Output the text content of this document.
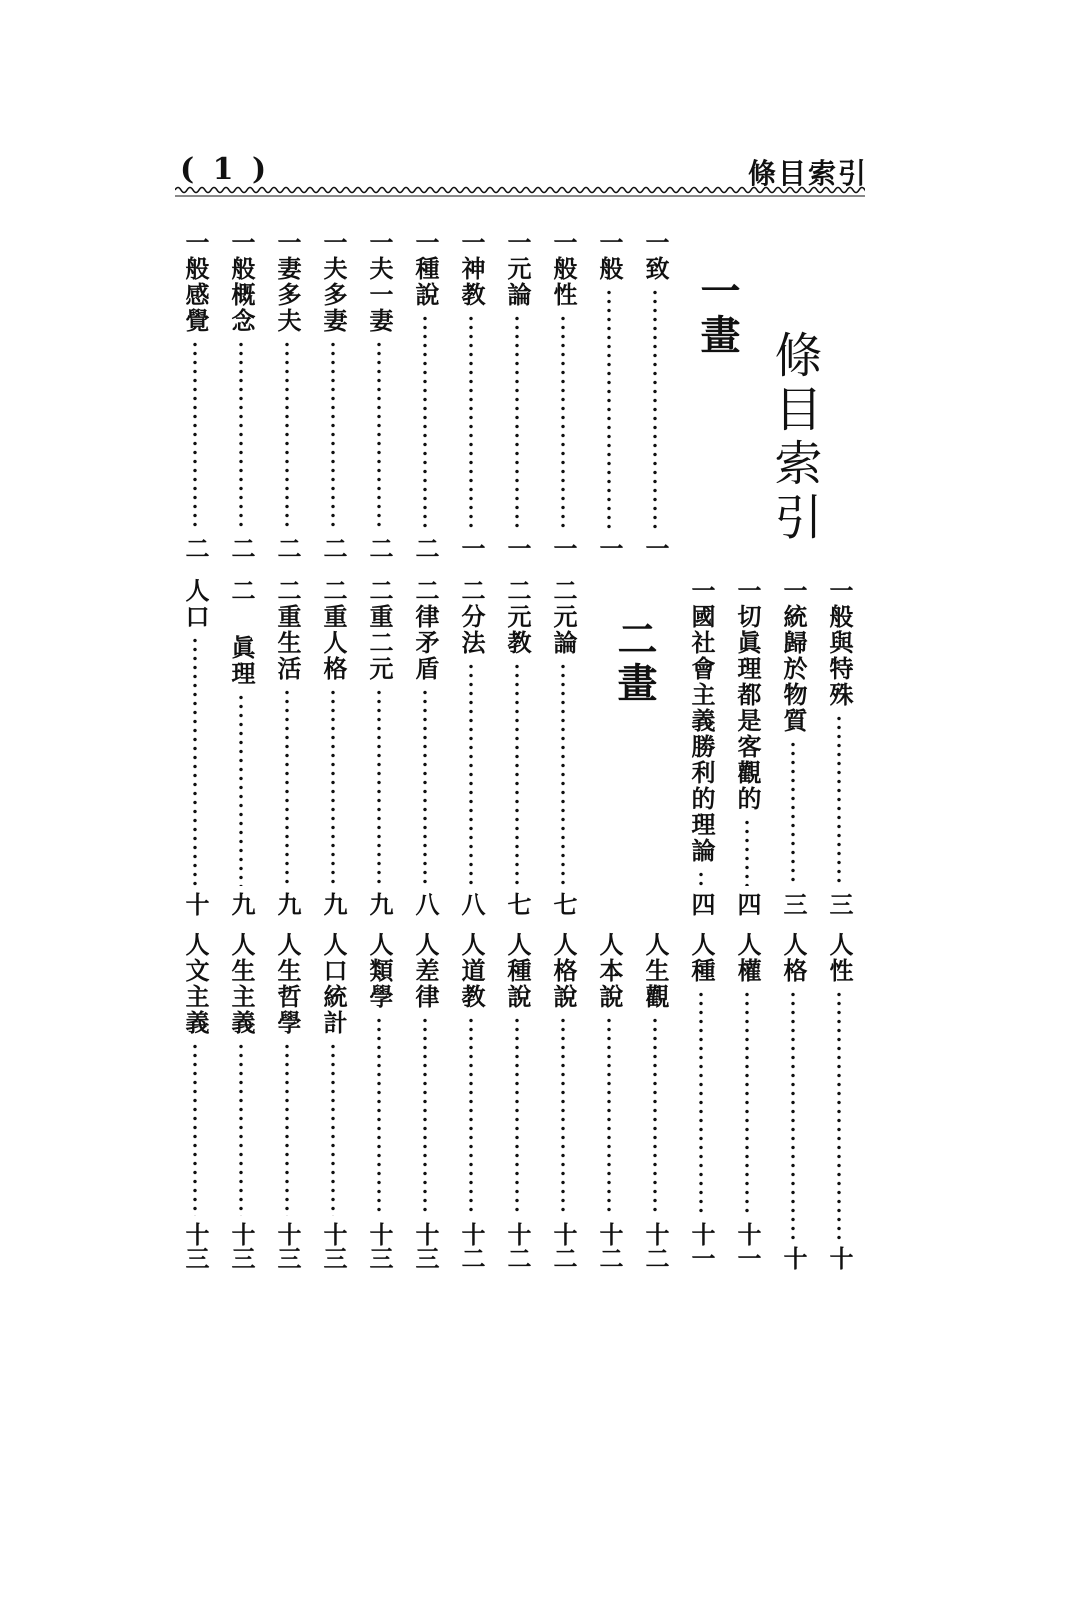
( 1 )	條目索引
條目索引
一畫
二畫
一致
一
一般
一
一般性
一
一元論
一
一神教
一
一種說
二
一夫一妻
二
一夫多妻
二
一妻多夫
二
一般概念
二
一般感覺
二
一般與特殊
三
一統歸於物質
三
一切眞理都是客觀的
四
一國社會主義勝利的理論
四
二元論
七
二元教
七
二分法
八
二律矛盾
八
二重二元
九
二重人格
九
二重生活
九
二 眞理
九
人口
十
人性
十
人格
十
人權
十一
人種
十一
人生觀
十二
人本說
十二
人格說
十二
人種說
十二
人道教
十二
人差律
十三
人類學
十三
人口統計
十三
人生哲學
十三
人生主義
十三
人文主義
十三
